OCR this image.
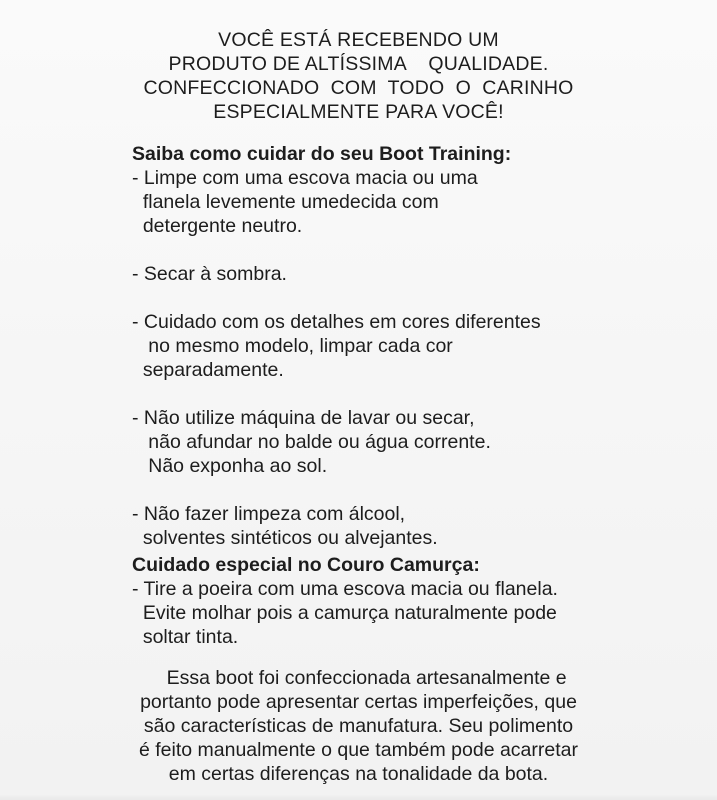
VOCÊ ESTÁ RECEBENDO UM
PRODUTO DE ALTÍSSIMA    QUALIDADE.
CONFECCIONADO  COM  TODO  O  CARINHO
ESPECIALMENTE PARA VOCÊ!
Saiba como cuidar do seu Boot Training:
- Limpe com uma escova macia ou uma
flanela levemente umedecida com
detergente neutro.
- Secar à sombra.
- Cuidado com os detalhes em cores diferentes
no mesmo modelo, limpar cada cor
separadamente.
- Não utilize máquina de lavar ou secar,
não afundar no balde ou água corrente.
Não exponha ao sol.
- Não fazer limpeza com álcool,
solventes sintéticos ou alvejantes.
Cuidado especial no Couro Camurça:
- Tire a poeira com uma escova macia ou flanela.
Evite molhar pois a camurça naturalmente pode
soltar tinta.
Essa boot foi confeccionada artesanalmente e
portanto pode apresentar certas imperfeições, que
são características de manufatura. Seu polimento
é feito manualmente o que também pode acarretar
em certas diferenças na tonalidade da bota.
